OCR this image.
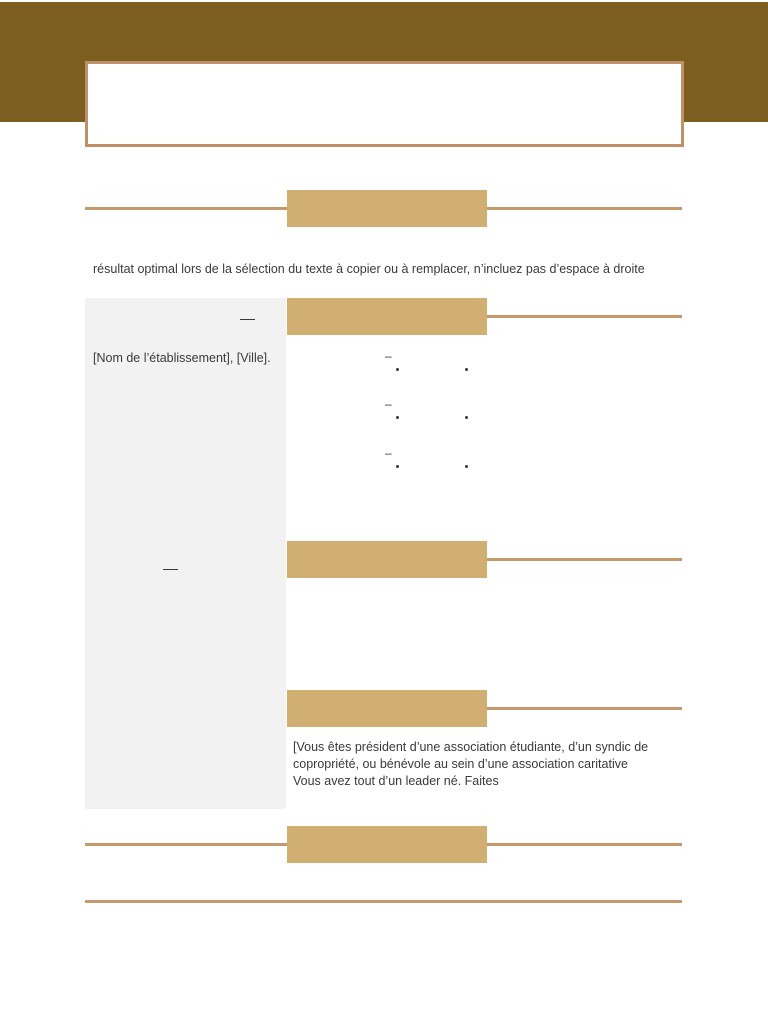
résultat optimal lors de la sélection du texte à copier ou à remplacer, n’incluez pas d’espace à droite
[Nom de l’établissement], [Ville].	–
–
–
[Vous êtes président d’une association étudiante, d’un syndic de
copropriété, ou bénévole au sein d’une association caritative
Vous avez tout d’un leader né. Faites
